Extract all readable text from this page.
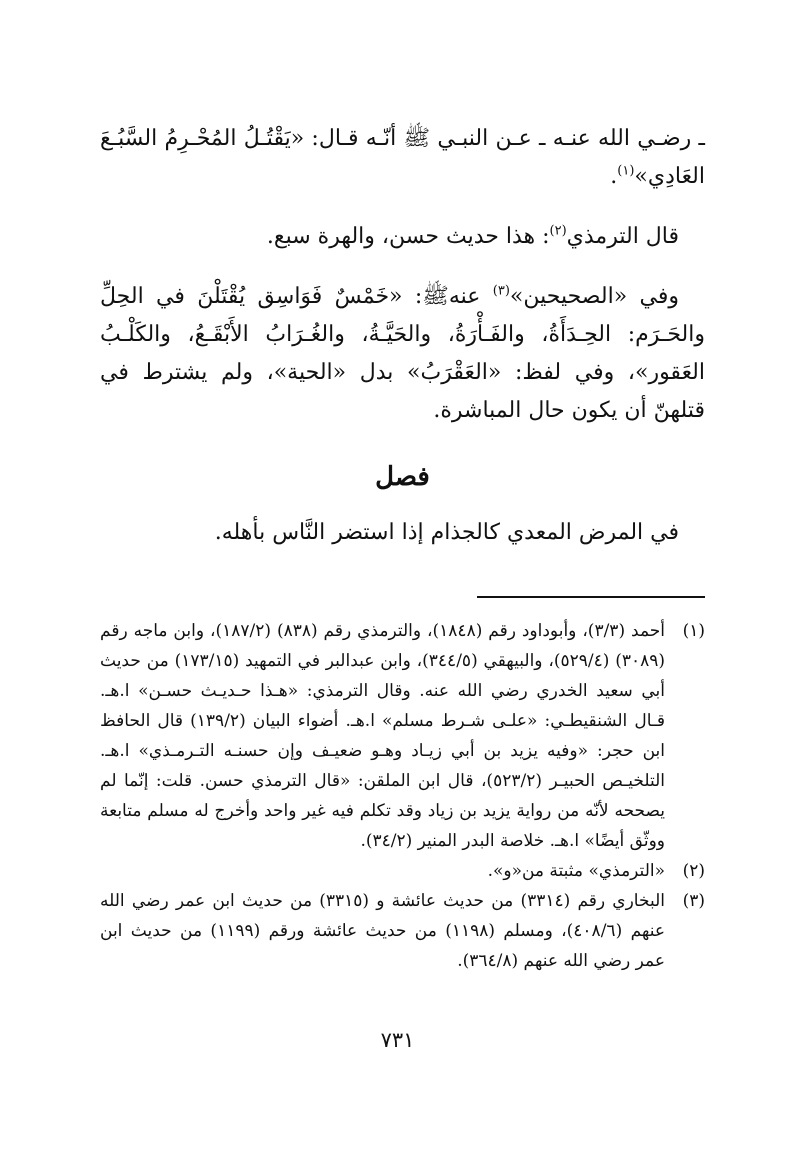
ـ رضـي الله عنـه ـ عـن النبـي ﷺ أنّـه قـال: «يَقْتُـلُ المُحْـرِمُ السَّبُـعَ العَادِي»$^{(١)}$.

قال الترمذي$^{(٢)}$: هذا حديث حسن، والهرة سبع.

وفي «الصحيحين»$^{(٣)}$ عنهﷺ: «خَمْسٌ فَوَاسِق يُقْتَلْنَ في الحِلِّ والحَـرَم: الحِـدَأَةُ، والفَـأْرَةُ، والحَيَّـةُ، والغُـرَابُ الأَبْقَـعُ، والكَلْـبُ العَقور»، وفي لفظ: «العَقْرَبُ» بدل «الحية»، ولم يشترط في قتلهنّ أن يكون حال المباشرة.

فصل

في المرض المعدي كالجذام إذا استضر النَّاس بأهله.

(١)
أحمد (٣/٣)، وأبوداود رقم (١٨٤٨)، والترمذي رقم (٨٣٨) (١٨٧/٢)، وابن ماجه رقم (٣٠٨٩) (٥٢٩/٤)، والبيهقي (٣٤٤/٥)، وابن عبدالبر في التمهيد (١٧٣/١٥) من حديث أبي سعيد الخدري رضي الله عنه. وقال الترمذي: «هـذا حـديـث حسـن» ا.هـ. قـال الشنقيطـي: «علـى شـرط مسلم» ا.هـ. أضواء البيان (١٣٩/٢) قال الحافظ ابن حجر: «وفيه يزيد بن أبي زيـاد وهـو ضعيـف وإن حسنـه التـرمـذي» ا.هـ. التلخيـص الحبيـر (٥٢٣/٢)، قال ابن الملقن: «قال الترمذي حسن. قلت: إنّما لم يصححه لأنّه من رواية يزيد بن زياد وقد تكلم فيه غير واحد وأخرج له مسلم متابعة ووثّق أيضًا» ا.هـ. خلاصة البدر المنير (٣٤/٢).
(٢)
«الترمذي» مثبتة من«و».
(٣)
البخاري رقم (٣٣١٤) من حديث عائشة و (٣٣١٥) من حديث ابن عمر رضي الله عنهم (٤٠٨/٦)، ومسلم (١١٩٨) من حديث عائشة ورقم (١١٩٩) من حديث ابن عمر رضي الله عنهم (٣٦٤/٨).
٧٣١
